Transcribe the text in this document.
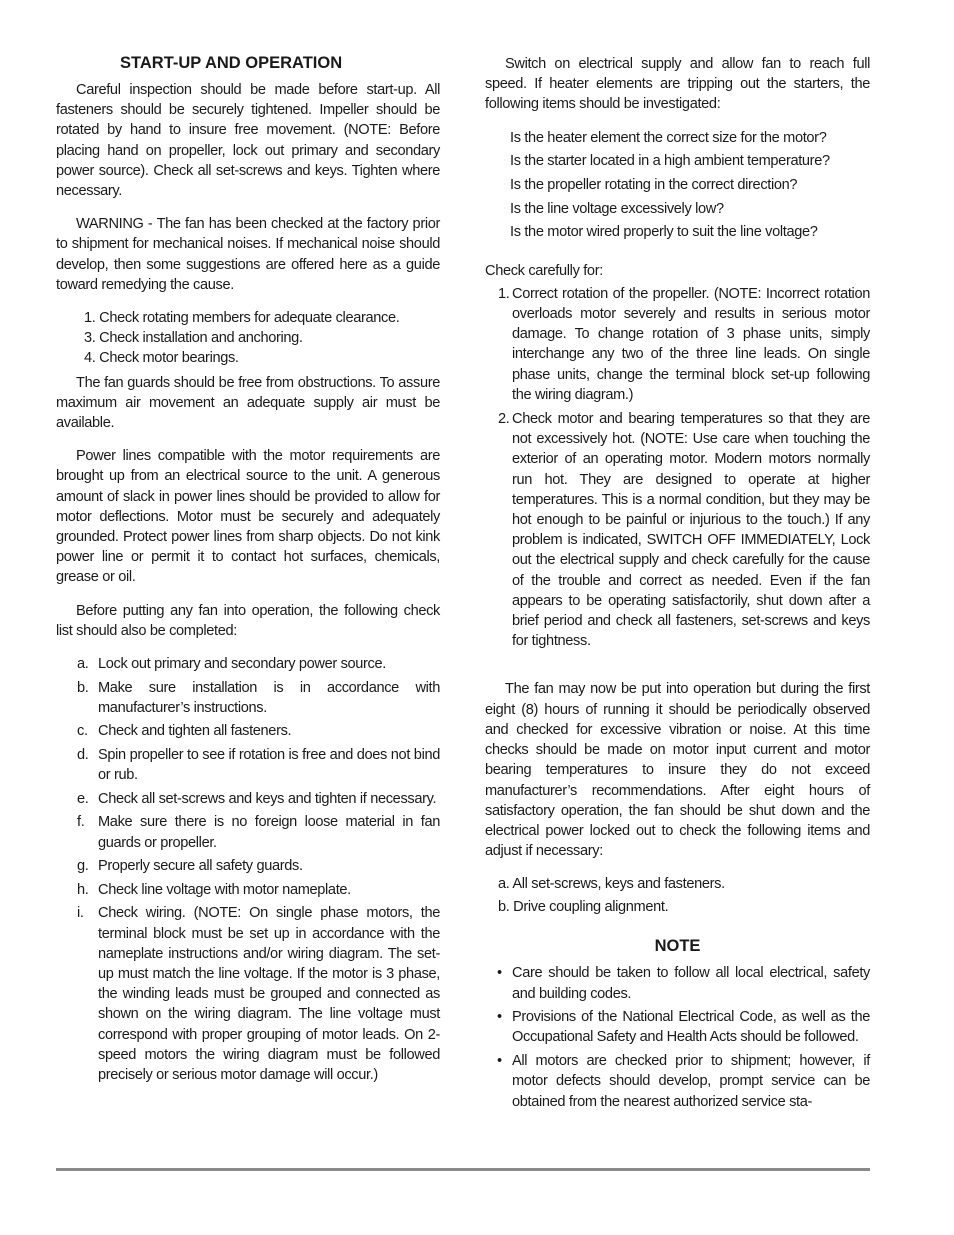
START-UP AND OPERATION

Careful inspection should be made before start-up. All fasteners should be securely tightened. Impeller should be rotated by hand to insure free movement. (NOTE: Before placing hand on propeller, lock out primary and secondary power source). Check all set-screws and keys. Tighten where necessary.

WARNING - The fan has been checked at the factory prior to shipment for mechanical noises. If mechanical noise should develop, then some suggestions are offered here as a guide toward remedying the cause.

1. Check rotating members for adequate clearance.
3. Check installation and anchoring.
4. Check motor bearings.

The fan guards should be free from obstructions. To assure maximum air movement an adequate supply air must be available.

Power lines compatible with the motor requirements are brought up from an electrical source to the unit. A generous amount of slack in power lines should be provided to allow for motor deflections. Motor must be securely and adequately grounded. Protect power lines from sharp objects. Do not kink power line or permit it to contact hot surfaces, chemicals, grease or oil.

Before putting any fan into operation, the following check list should also be completed:

a. Lock out primary and secondary power source.
b. Make sure installation is in accordance with manufacturer’s instructions.
c. Check and tighten all fasteners.
d. Spin propeller to see if rotation is free and does not bind or rub.
e. Check all set-screws and keys and tighten if necessary.
f. Make sure there is no foreign loose material in fan guards or propeller.
g. Properly secure all safety guards.
h. Check line voltage with motor nameplate.
i. Check wiring. (NOTE: On single phase motors, the terminal block must be set up in accordance with the nameplate instructions and/or wiring diagram. The set-up must match the line voltage. If the motor is 3 phase, the winding leads must be grouped and connected as shown on the wiring diagram. The line voltage must correspond with proper grouping of motor leads. On 2-speed motors the wiring diagram must be followed precisely or serious motor damage will occur.)

Switch on electrical supply and allow fan to reach full speed. If heater elements are tripping out the starters, the following items should be investigated:

Is the heater element the correct size for the motor?
Is the starter located in a high ambient temperature?
Is the propeller rotating in the correct direction?
Is the line voltage excessively low?
Is the motor wired properly to suit the line voltage?

Check carefully for:

1. Correct rotation of the propeller. (NOTE: Incorrect rotation overloads motor severely and results in serious motor damage. To change rotation of 3 phase units, simply interchange any two of the three line leads. On single phase units, change the terminal block set-up following the wiring diagram.)
2. Check motor and bearing temperatures so that they are not excessively hot. (NOTE: Use care when touching the exterior of an operating motor. Modern motors normally run hot. They are designed to operate at higher temperatures. This is a normal condition, but they may be hot enough to be painful or injurious to the touch.) If any problem is indicated, SWITCH OFF IMMEDIATELY, Lock out the electrical supply and check carefully for the cause of the trouble and correct as needed. Even if the fan appears to be operating satisfactorily, shut down after a brief period and check all fasteners, set-screws and keys for tightness.

The fan may now be put into operation but during the first eight (8) hours of running it should be periodically observed and checked for excessive vibration or noise. At this time checks should be made on motor input current and motor bearing temperatures to insure they do not exceed manufacturer’s recommendations. After eight hours of satisfactory operation, the fan should be shut down and the electrical power locked out to check the following items and adjust if necessary:

a. All set-screws, keys and fasteners.
b. Drive coupling alignment.
NOTE
• Care should be taken to follow all local electrical, safety and building codes.
• Provisions of the National Electrical Code, as well as the Occupational Safety and Health Acts should be followed.
• All motors are checked prior to shipment; however, if motor defects should develop, prompt service can be obtained from the nearest authorized service sta-
